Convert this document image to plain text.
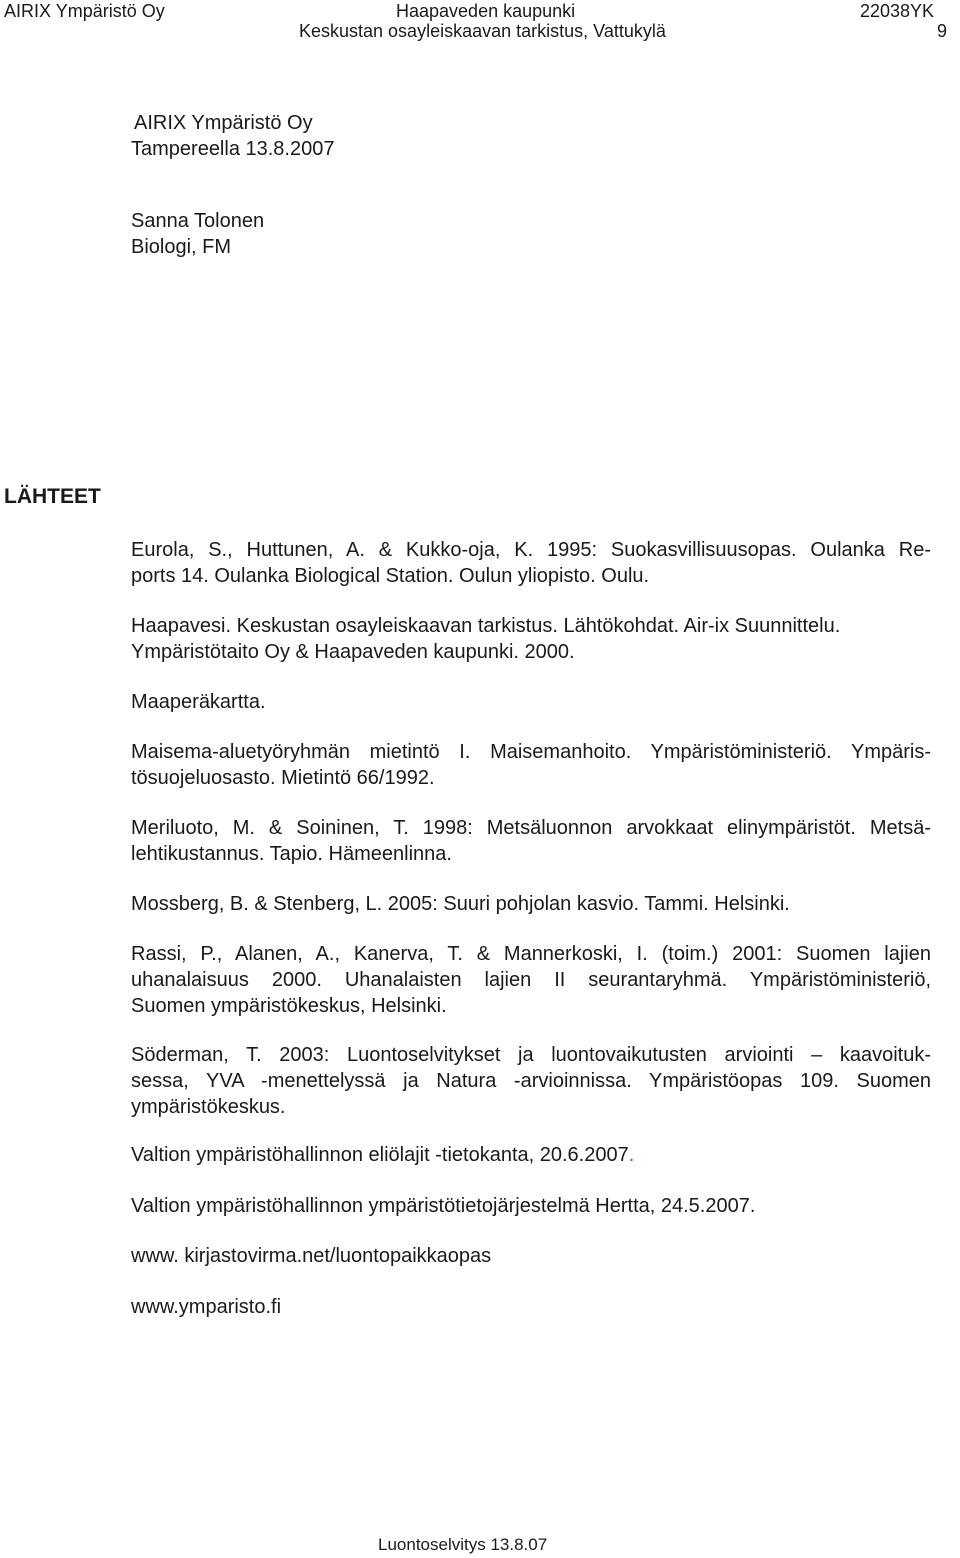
AIRIX Ympäristö Oy	Haapaveden kaupunki	22038YK
Keskustan osayleiskaavan tarkistus, Vattukylä	9
AIRIX Ympäristö Oy
Tampereella 13.8.2007
Sanna Tolonen
Biologi, FM
LÄHTEET
Eurola, S., Huttunen, A. & Kukko-oja, K. 1995: Suokasvillisuusopas. Oulanka Re-
ports 14. Oulanka Biological Station. Oulun yliopisto. Oulu.
Haapavesi. Keskustan osayleiskaavan tarkistus. Lähtökohdat. Air-ix Suunnittelu.
Ympäristötaito Oy & Haapaveden kaupunki. 2000.
Maaperäkartta.
Maisema-aluetyöryhmän mietintö I. Maisemanhoito. Ympäristöministeriö. Ympäris-
tösuojeluosasto. Mietintö 66/1992.
Meriluoto, M. & Soininen, T. 1998: Metsäluonnon arvokkaat elinympäristöt. Metsä-
lehtikustannus. Tapio. Hämeenlinna.
Mossberg, B. & Stenberg, L. 2005: Suuri pohjolan kasvio. Tammi. Helsinki.
Rassi, P., Alanen, A., Kanerva, T. & Mannerkoski, I. (toim.) 2001: Suomen lajien
uhanalaisuus 2000. Uhanalaisten lajien II seurantaryhmä. Ympäristöministeriö,
Suomen ympäristökeskus, Helsinki.
Söderman, T. 2003: Luontoselvitykset ja luontovaikutusten arviointi – kaavoituk-
sessa, YVA -menettelyssä ja Natura -arvioinnissa. Ympäristöopas 109. Suomen
ympäristökeskus.
Valtion ympäristöhallinnon eliölajit -tietokanta, 20.6.2007.
Valtion ympäristöhallinnon ympäristötietojärjestelmä Hertta, 24.5.2007.
www. kirjastovirma.net/luontopaikkaopas
www.ymparisto.fi
Luontoselvitys 13.8.07
